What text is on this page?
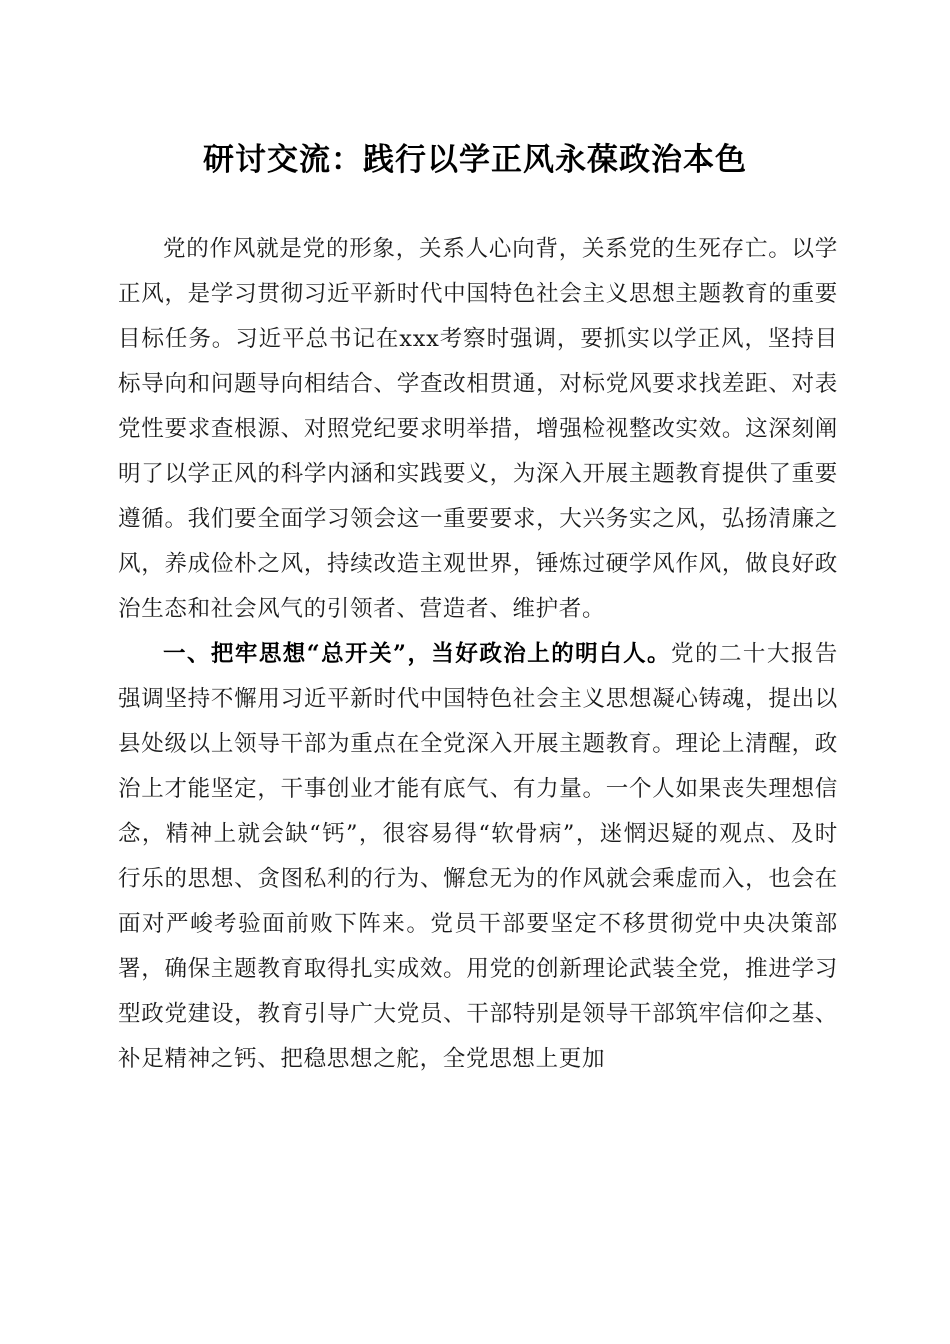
研讨交流：践行以学正风永葆政治本色

党的作风就是党的形象，关系人心向背，关系党的生死存亡。以学正风，是学习贯彻习近平新时代中国特色社会主义思想主题教育的重要目标任务。习近平总书记在xxx考察时强调，要抓实以学正风，坚持目标导向和问题导向相结合、学查改相贯通，对标党风要求找差距、对表党性要求查根源、对照党纪要求明举措，增强检视整改实效。这深刻阐明了以学正风的科学内涵和实践要义，为深入开展主题教育提供了重要遵循。我们要全面学习领会这一重要要求，大兴务实之风，弘扬清廉之风，养成俭朴之风，持续改造主观世界，锤炼过硬学风作风，做良好政治生态和社会风气的引领者、营造者、维护者。

一、把牢思想“总开关”，当好政治上的明白人。党的二十大报告强调坚持不懈用习近平新时代中国特色社会主义思想凝心铸魂，提出以县处级以上领导干部为重点在全党深入开展主题教育。理论上清醒，政治上才能坚定，干事创业才能有底气、有力量。一个人如果丧失理想信念，精神上就会缺“钙”，很容易得“软骨病”，迷惘迟疑的观点、及时行乐的思想、贪图私利的行为、懈怠无为的作风就会乘虚而入，也会在面对严峻考验面前败下阵来。党员干部要坚定不移贯彻党中央决策部署，确保主题教育取得扎实成效。用党的创新理论武装全党，推进学习型政党建设，教育引导广大党员、干部特别是领导干部筑牢信仰之基、补足精神之钙、把稳思想之舵，全党思想上更加
